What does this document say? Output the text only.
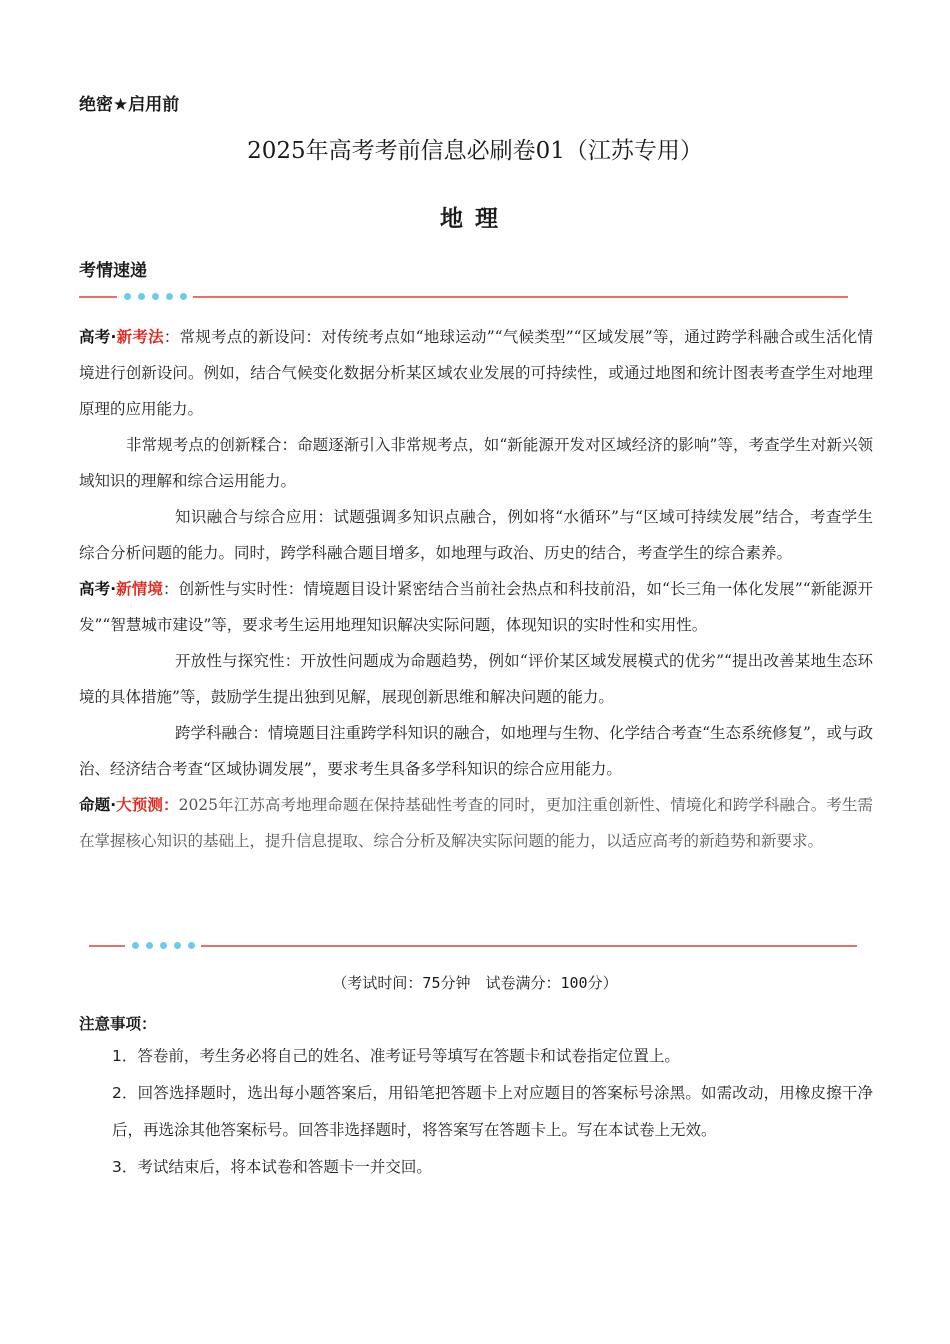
绝密★启用前
2025年高考考前信息必刷卷01（江苏专用）
地理
考情速递

高考·新考法：常规考点的新设问：对传统考点如“地球运动”“气候类型”“区域发展”等，通过跨学科融合或生活化情境进行创新设问。例如，结合气候变化数据分析某区域农业发展的可持续性，或通过地图和统计图表考查学生对地理原理的应用能力。

非常规考点的创新糅合：命题逐渐引入非常规考点，如“新能源开发对区域经济的影响”等，考查学生对新兴领域知识的理解和综合运用能力。

知识融合与综合应用：试题强调多知识点融合，例如将“水循环”与“区域可持续发展”结合，考查学生综合分析问题的能力。同时，跨学科融合题目增多，如地理与政治、历史的结合，考查学生的综合素养。

高考·新情境：创新性与实时性：情境题目设计紧密结合当前社会热点和科技前沿，如“长三角一体化发展”“新能源开发”“智慧城市建设”等，要求考生运用地理知识解决实际问题，体现知识的实时性和实用性。

开放性与探究性：开放性问题成为命题趋势，例如“评价某区域发展模式的优劣”“提出改善某地生态环境的具体措施”等，鼓励学生提出独到见解，展现创新思维和解决问题的能力。

跨学科融合：情境题目注重跨学科知识的融合，如地理与生物、化学结合考查“生态系统修复”，或与政治、经济结合考查“区域协调发展”，要求考生具备多学科知识的综合应用能力。

命题·大预测：2025年江苏高考地理命题在保持基础性考查的同时，更加注重创新性、情境化和跨学科融合。考生需在掌握核心知识的基础上，提升信息提取、综合分析及解决实际问题的能力，以适应高考的新趋势和新要求。

（考试时间：75分钟　试卷满分：100分）
注意事项：

1．答卷前，考生务必将自己的姓名、准考证号等填写在答题卡和试卷指定位置上。

2．回答选择题时，选出每小题答案后，用铅笔把答题卡上对应题目的答案标号涂黑。如需改动，用橡皮擦干净后，再选涂其他答案标号。回答非选择题时，将答案写在答题卡上。写在本试卷上无效。

3．考试结束后，将本试卷和答题卡一并交回。
